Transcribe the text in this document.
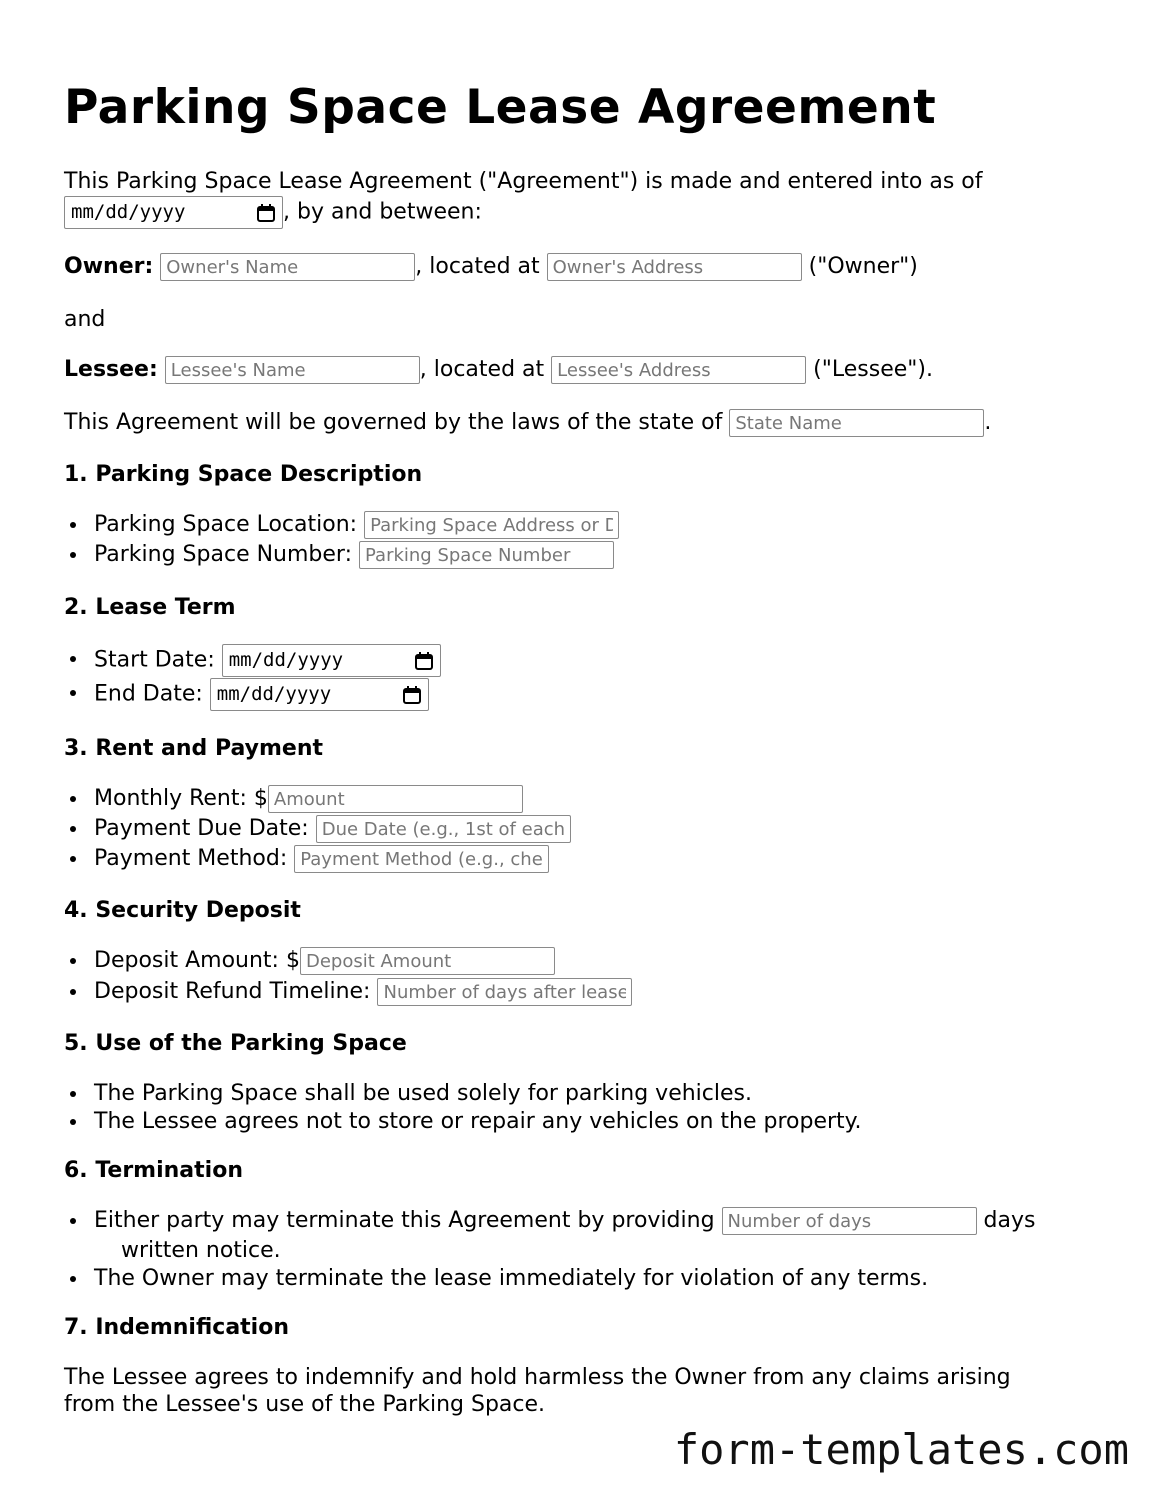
Parking Space Lease Agreement
This Parking Space Lease Agreement ("Agreement") is made and entered into as of
mm/dd/yyyy	, by and between:
Owner: Owner's Name	, located at Owner's Address	("Owner")
and
Lessee: Lessee's Name	, located at Lessee's Address	("Lessee").
This Agreement will be governed by the laws of the state of State Name	.
1. Parking Space Description
Parking Space Location: Parking Space Address or Description
Parking Space Number: Parking Space Number
2. Lease Term
Start Date: mm/dd/yyyy
End Date: mm/dd/yyyy
3. Rent and Payment
Monthly Rent: $Amount
Payment Due Date: Due Date (e.g., 1st of each month)
Payment Method: Payment Method (e.g., check, transfer)
4. Security Deposit
Deposit Amount: $Deposit Amount
Deposit Refund Timeline: Number of days after lease ends
5. Use of the Parking Space
The Parking Space shall be used solely for parking vehicles.
The Lessee agrees not to store or repair any vehicles on the property.
6. Termination
Either party may terminate this Agreement by providing Number of days	days
written notice.
The Owner may terminate the lease immediately for violation of any terms.
7. Indemnification
The Lessee agrees to indemnify and hold harmless the Owner from any claims arising
from the Lessee's use of the Parking Space.
form-templates.com
